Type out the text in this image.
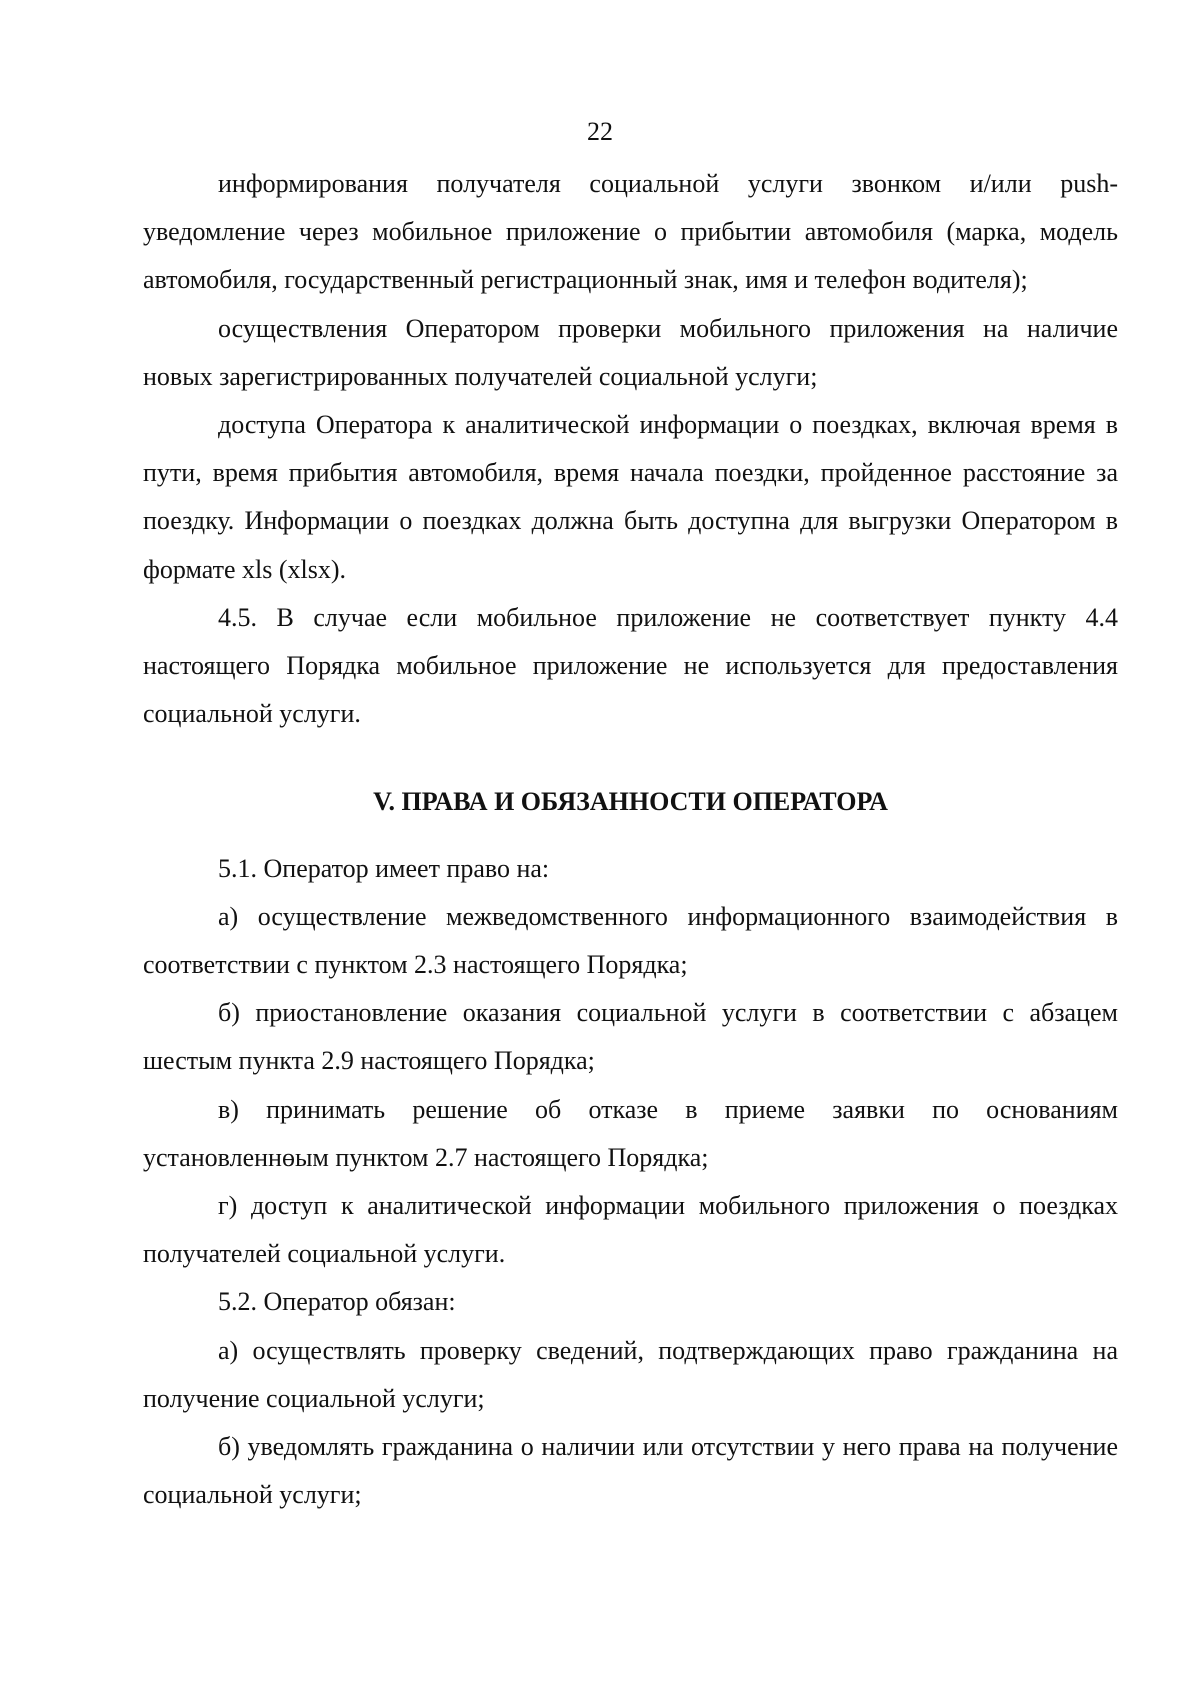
22

информирования получателя социальной услуги звонком и/или push-уведомление через мобильное приложение о прибытии автомобиля (марка, модель автомобиля, государственный регистрационный знак, имя и телефон водителя);

осуществления Оператором проверки мобильного приложения на наличие новых зарегистрированных получателей социальной услуги;

доступа Оператора к аналитической информации о поездках, включая время в пути, время прибытия автомобиля, время начала поездки, пройденное расстояние за поездку. Информации о поездках должна быть доступна для выгрузки Оператором в формате xls (xlsx).

4.5. В случае если мобильное приложение не соответствует пункту 4.4 настоящего Порядка мобильное приложение не используется для предоставления социальной услуги.

V. ПРАВА И ОБЯЗАННОСТИ ОПЕРАТОРА

5.1. Оператор имеет право на:

а) осуществление межведомственного информационного взаимодействия в соответствии с пунктом 2.3 настоящего Порядка;

б) приостановление оказания социальной услуги в соответствии с абзацем шестым пункта 2.9 настоящего Порядка;

в) принимать решение об отказе в приеме заявки по основаниям установленнөым пунктом 2.7 настоящего Порядка;

г) доступ к аналитической информации мобильного приложения о поездках получателей социальной услуги.

5.2. Оператор обязан:

а) осуществлять проверку сведений, подтверждающих право гражданина на получение социальной услуги;

б) уведомлять гражданина о наличии или отсутствии у него права на получение социальной услуги;
